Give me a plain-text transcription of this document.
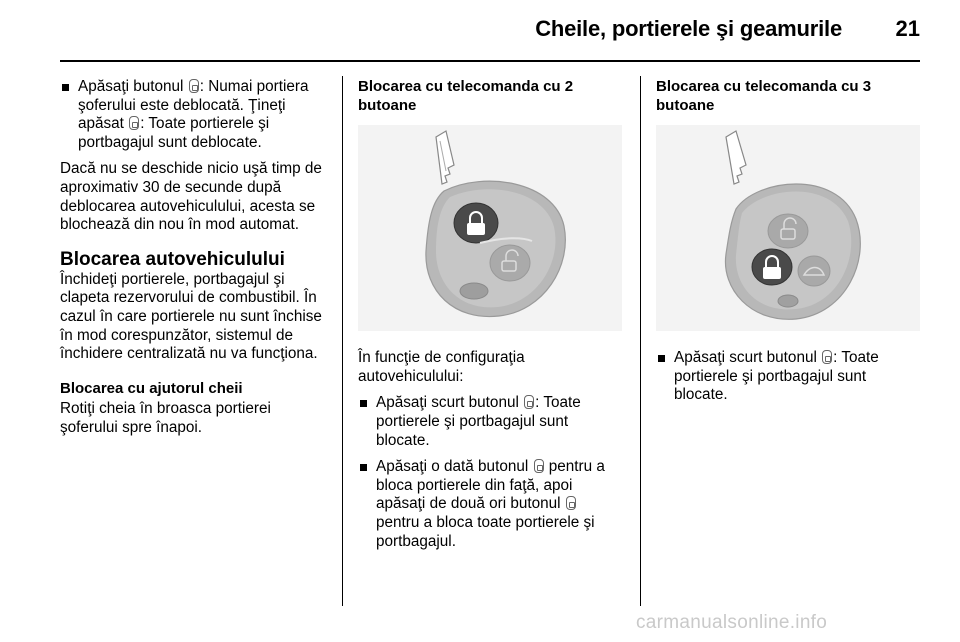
Cheile, portierele şi geamurile 21
Apăsaţi butonul : Numai portiera şoferului este deblocată. Ţineţi apăsat : Toate portierele şi portbagajul sunt deblocate.

Dacă nu se deschide nicio uşă timp de aproximativ 30 de secunde după deblocarea autovehiculului, acesta se blochează din nou în mod automat.

Blocarea autovehiculului

Închideţi portierele, portbagajul şi clapeta rezervorului de combustibil. În cazul în care portierele nu sunt închise în mod corespunzător, sistemul de închidere centralizată nu va funcţiona.

Blocarea cu ajutorul cheii

Rotiţi cheia în broasca portierei şoferului spre înapoi.

Blocarea cu telecomanda cu 2 butoane

În funcţie de configuraţia autovehiculului:

Apăsaţi scurt butonul : Toate portierele şi portbagajul sunt blocate.
Apăsaţi o dată butonul  pentru a bloca portierele din faţă, apoi apăsaţi de două ori butonul  pentru a bloca toate portierele şi portbagajul.
Blocarea cu telecomanda cu 3 butoane
Apăsaţi scurt butonul : Toate portierele şi portbagajul sunt blocate.
carmanualsonline.info
